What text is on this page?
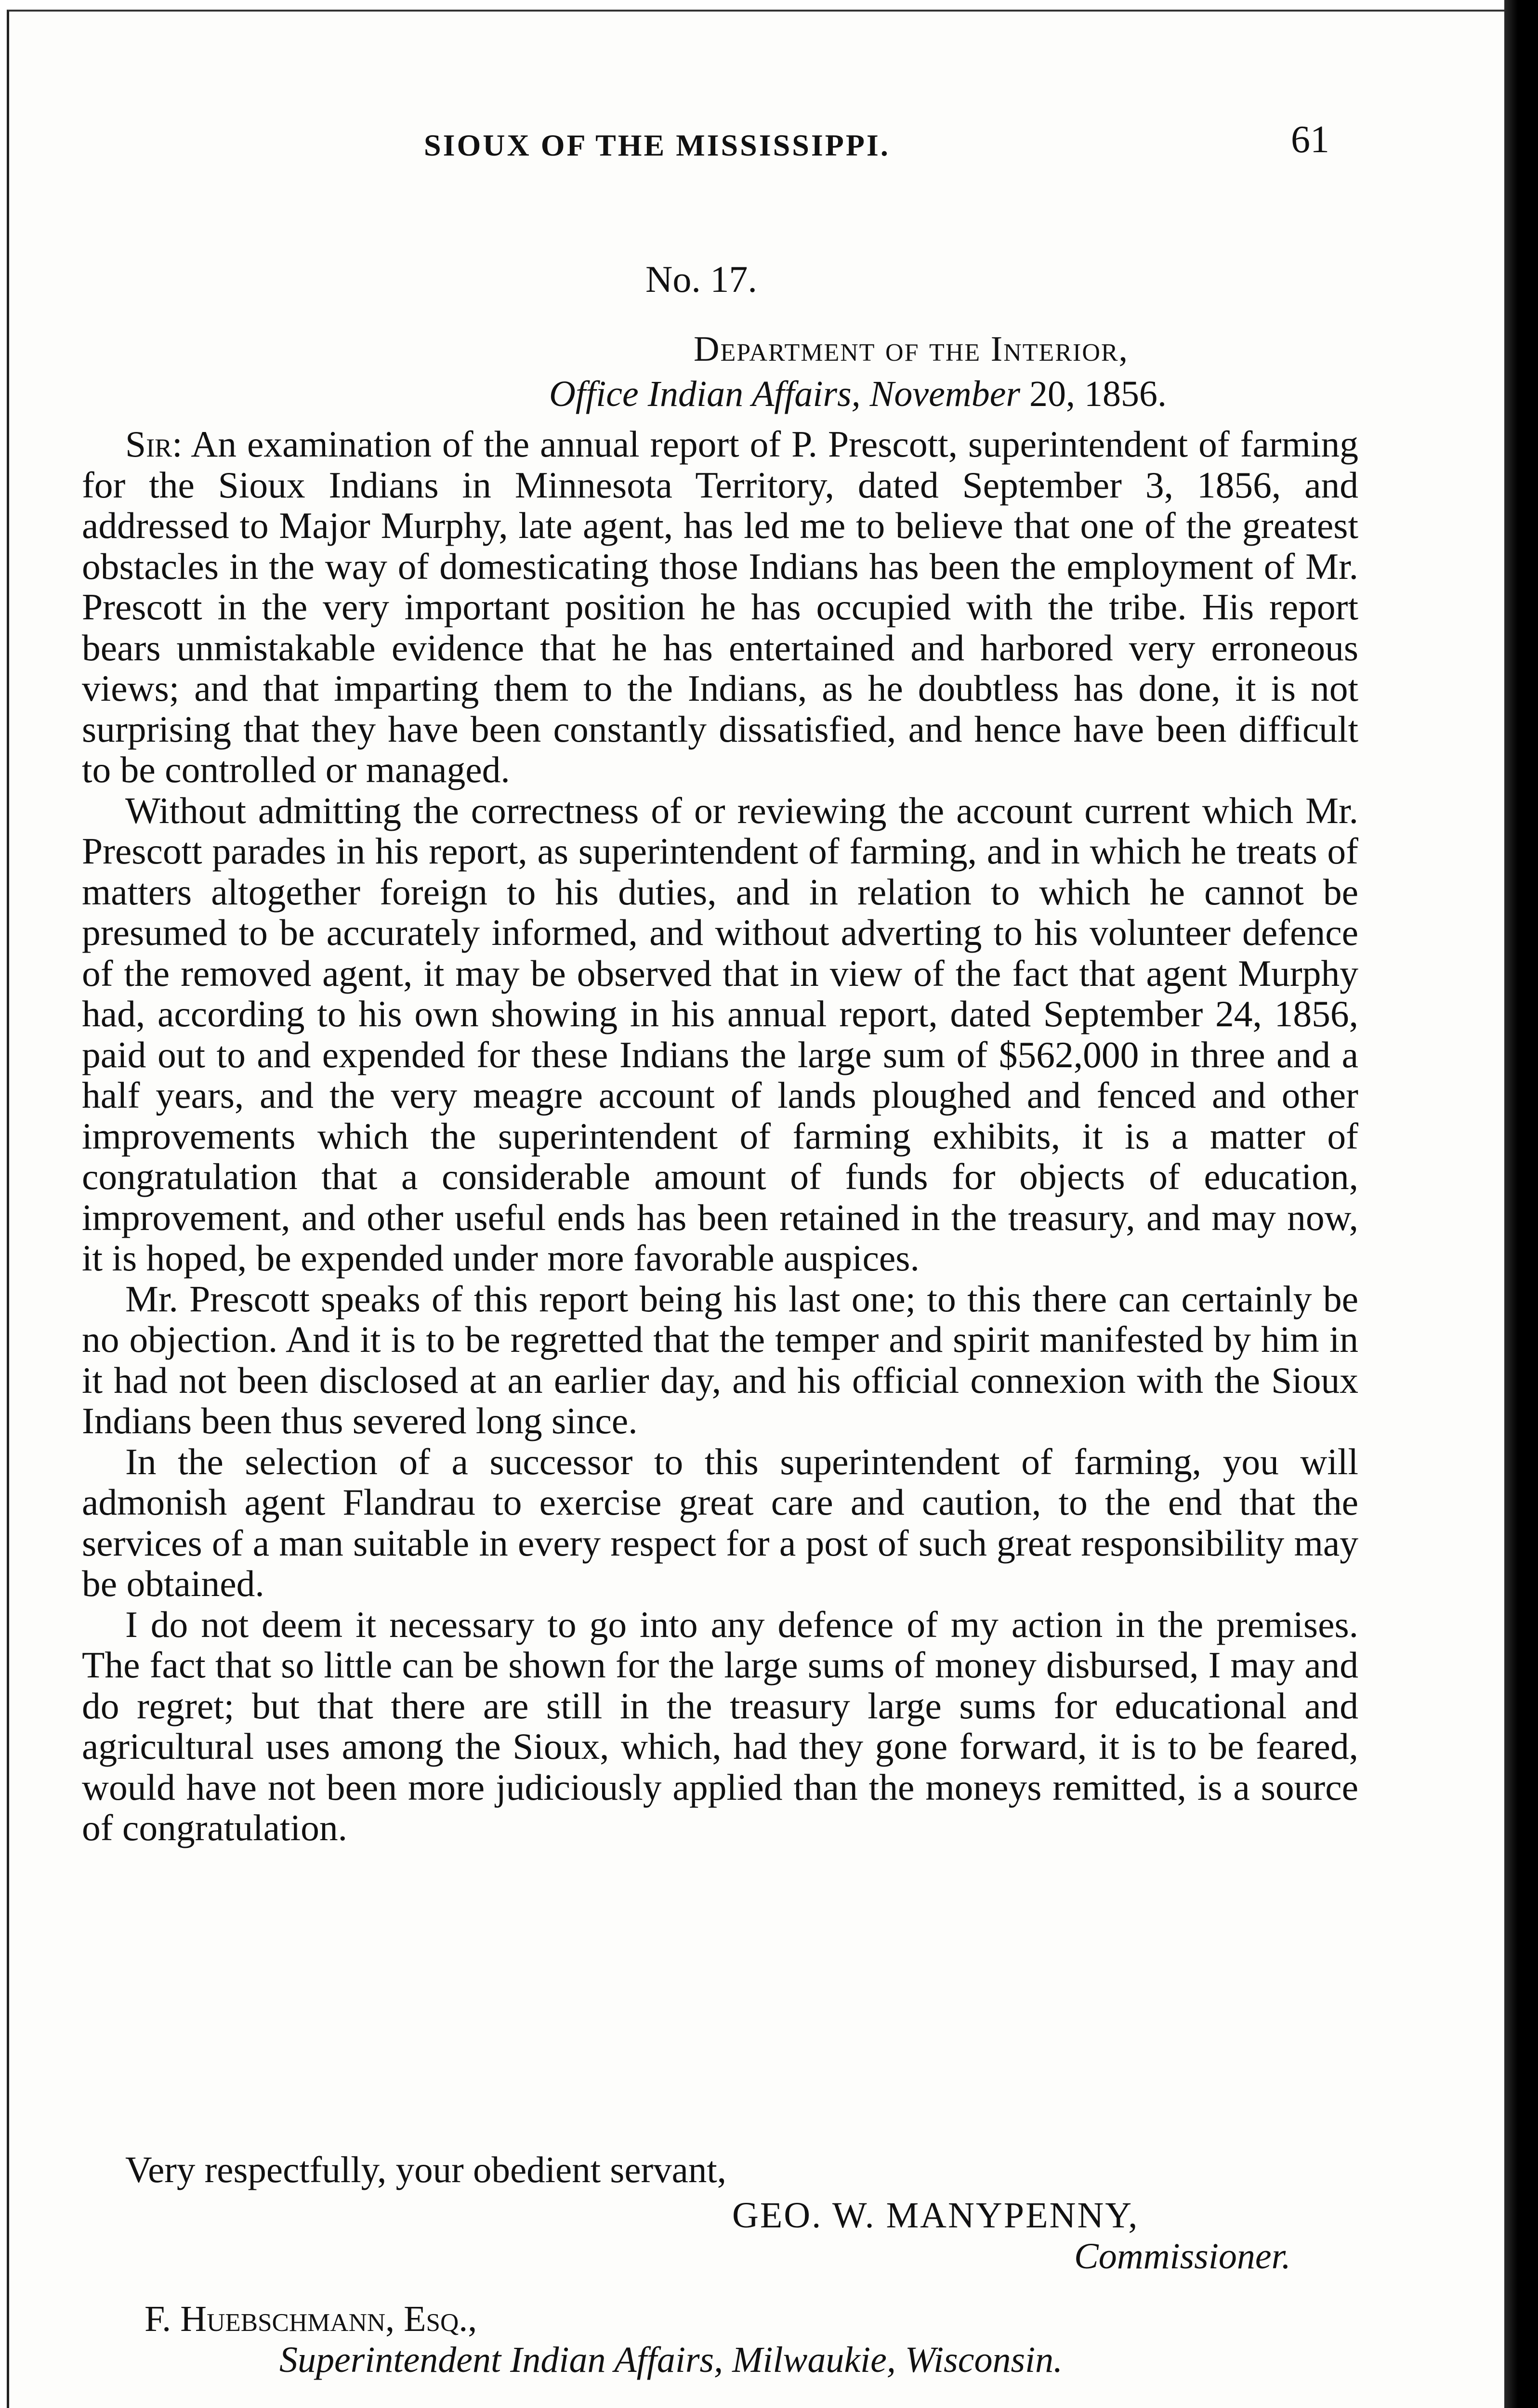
SIOUX OF THE MISSISSIPPI.	61
No. 17.
Department of the Interior,
Office Indian Affairs, November 20, 1856.

Sir: An examination of the annual report of P. Prescott, superintendent of farming for the Sioux Indians in Minnesota Territory, dated September 3, 1856, and addressed to Major Murphy, late agent, has led me to believe that one of the greatest obstacles in the way of domesticating those Indians has been the employment of Mr. Prescott in the very important position he has occupied with the tribe. His report bears unmistakable evidence that he has entertained and harbored very erroneous views; and that imparting them to the Indians, as he doubtless has done, it is not surprising that they have been constantly dissatisfied, and hence have been difficult to be controlled or managed.

Without admitting the correctness of or reviewing the account current which Mr. Prescott parades in his report, as superintendent of farming, and in which he treats of matters altogether foreign to his duties, and in relation to which he cannot be presumed to be accurately informed, and without adverting to his volunteer defence of the removed agent, it may be observed that in view of the fact that agent Murphy had, according to his own showing in his annual report, dated September 24, 1856, paid out to and expended for these Indians the large sum of $562,000 in three and a half years, and the very meagre account of lands ploughed and fenced and other improvements which the superintendent of farming exhibits, it is a matter of congratulation that a considerable amount of funds for objects of education, improvement, and other useful ends has been retained in the treasury, and may now, it is hoped, be expended under more favorable auspices.

Mr. Prescott speaks of this report being his last one; to this there can certainly be no objection. And it is to be regretted that the temper and spirit manifested by him in it had not been disclosed at an earlier day, and his official connexion with the Sioux Indians been thus severed long since.

In the selection of a successor to this superintendent of farming, you will admonish agent Flandrau to exercise great care and caution, to the end that the services of a man suitable in every respect for a post of such great responsibility may be obtained.

I do not deem it necessary to go into any defence of my action in the premises. The fact that so little can be shown for the large sums of money disbursed, I may and do regret; but that there are still in the treasury large sums for educational and agricultural uses among the Sioux, which, had they gone forward, it is to be feared, would have not been more judiciously applied than the moneys remitted, is a source of congratulation.

Very respectfully, your obedient servant,
GEO. W. MANYPENNY,
Commissioner.
F. Huebschmann, Esq.,
Superintendent Indian Affairs, Milwaukie, Wisconsin.
